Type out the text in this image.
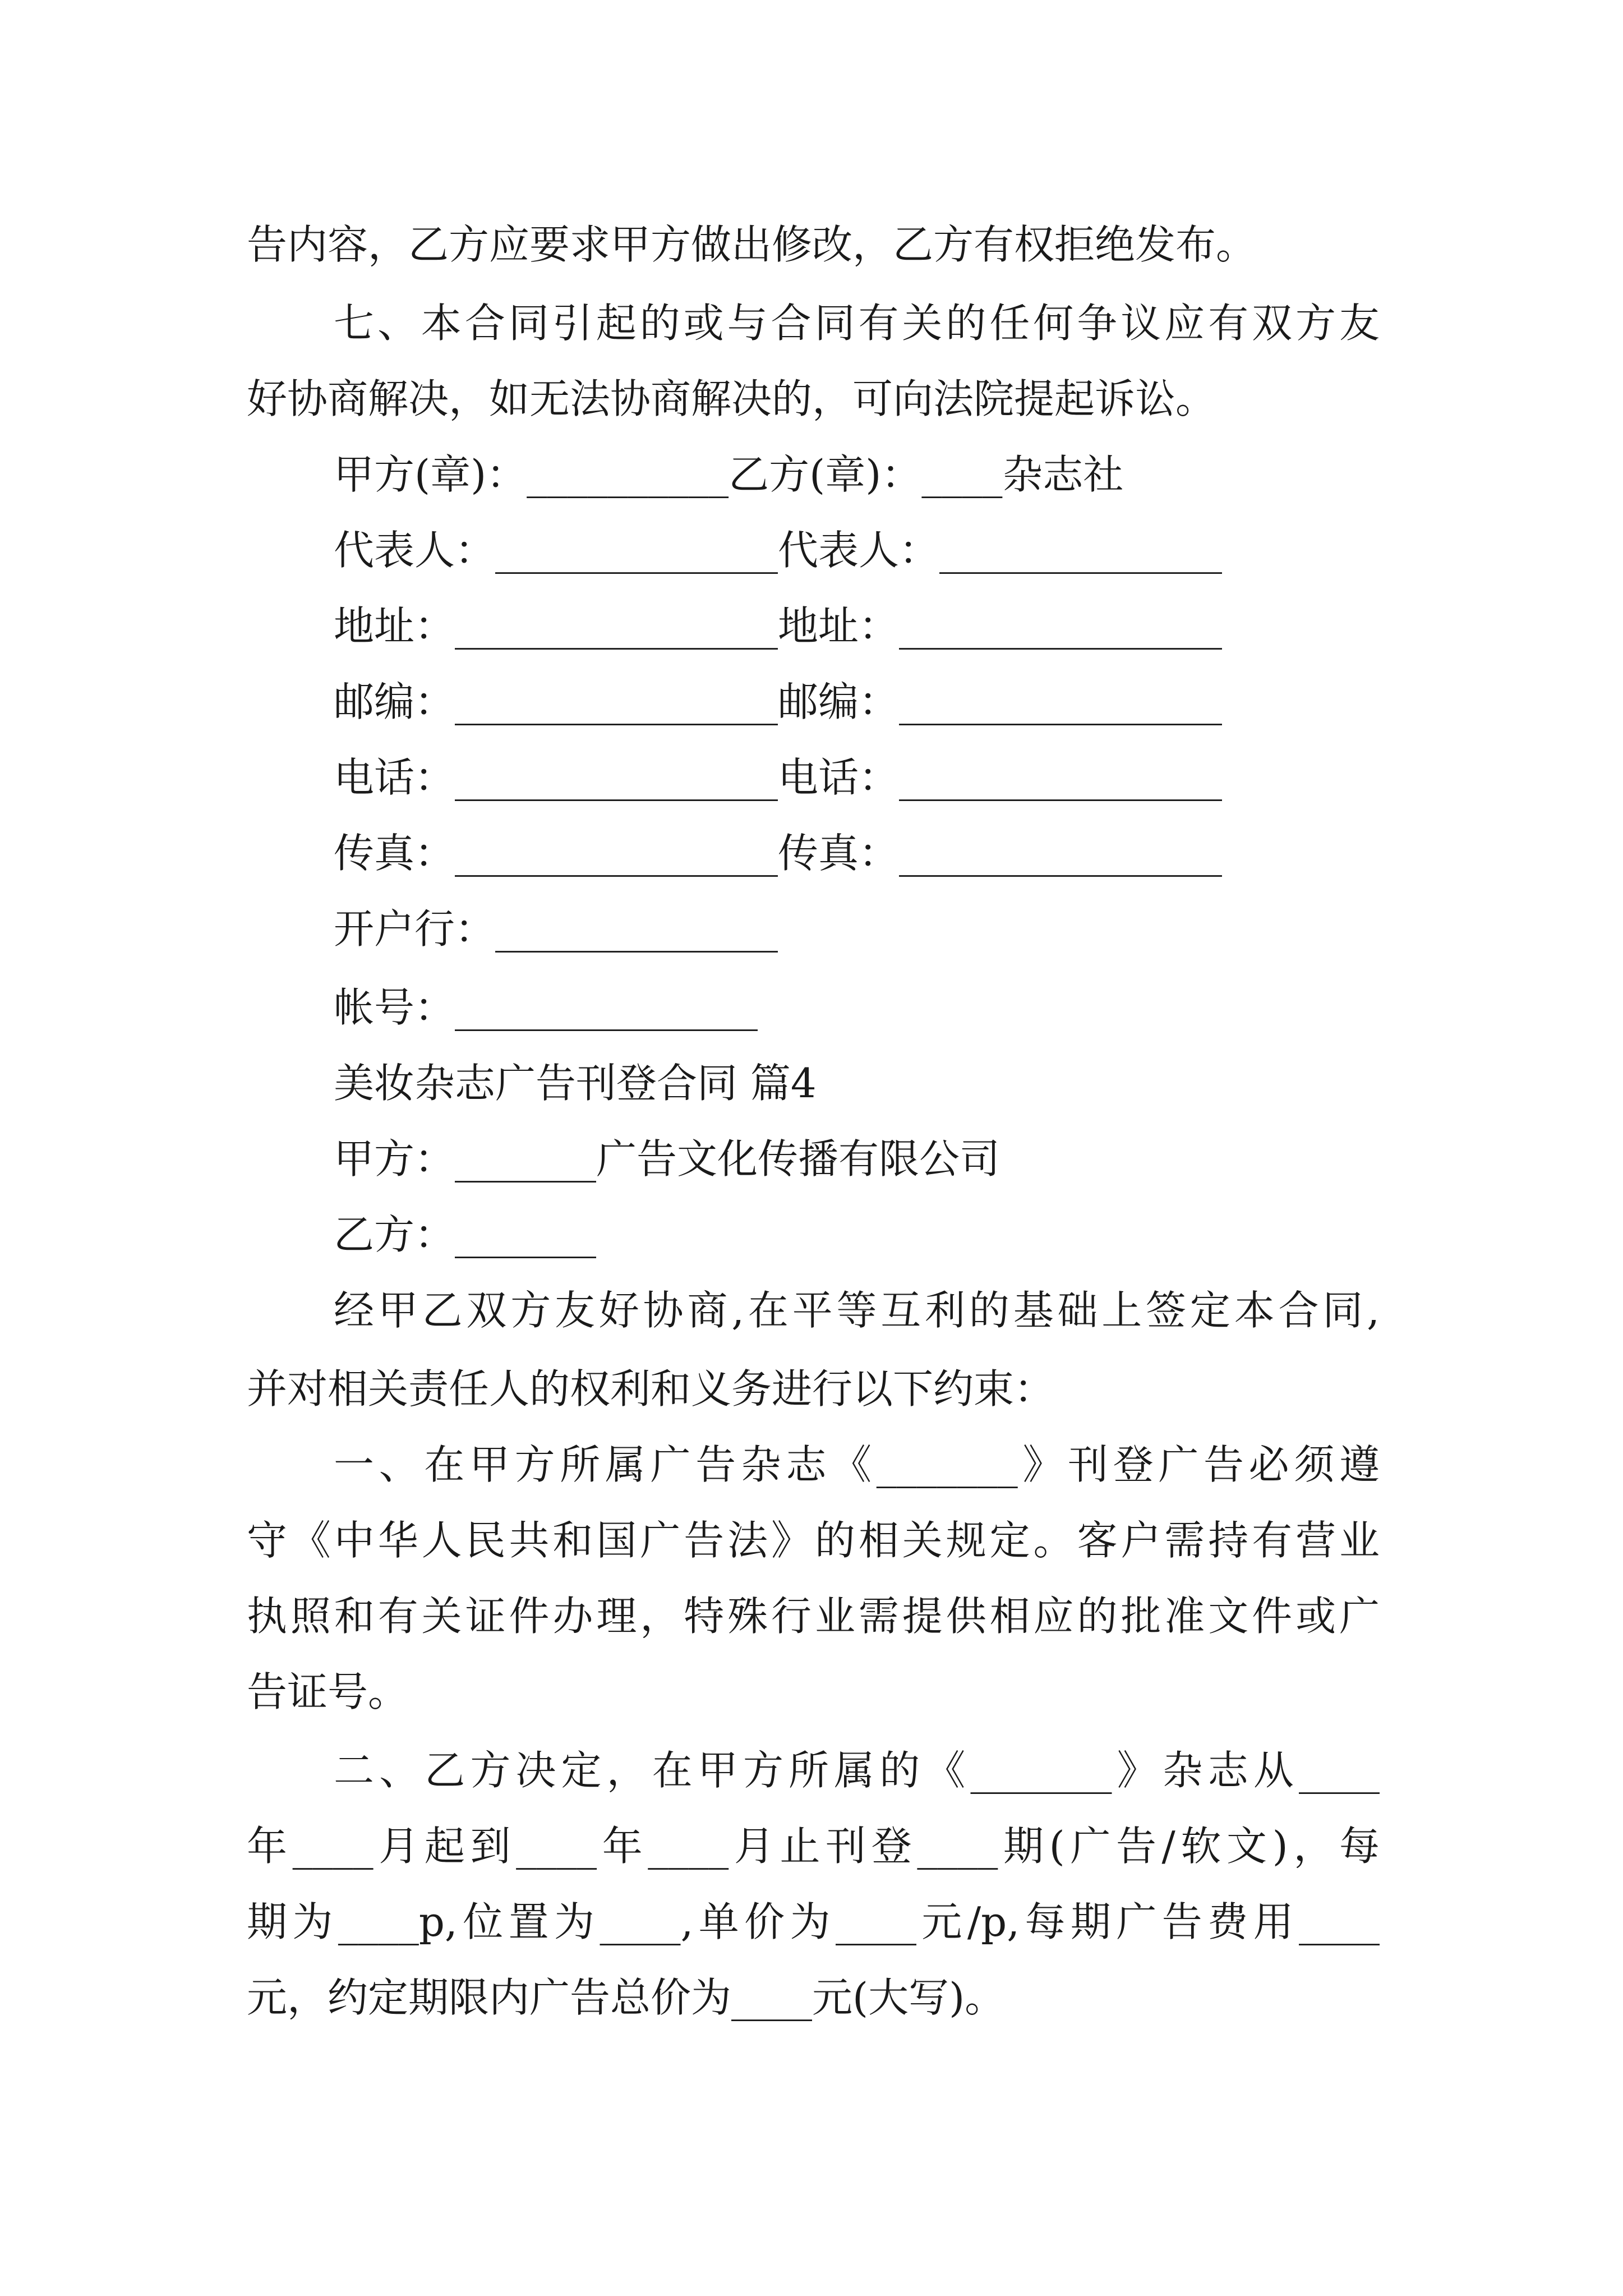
告内容，乙方应要求甲方做出修改，乙方有权拒绝发布。
七、本合同引起的或与合同有关的任何争议应有双方友
好协商解决，如无法协商解决的，可向法院提起诉讼。
甲方(章)：__________乙方(章)：____杂志社
代表人：______________代表人：______________
地址：________________地址：________________
邮编：________________邮编：________________
电话：________________电话：________________
传真：________________传真：________________
开户行：______________
帐号：_______________
美妆杂志广告刊登合同 篇4
甲方：_______广告文化传播有限公司
乙方：_______
经甲乙双方友好协商,在平等互利的基础上签定本合同,
并对相关责任人的权利和义务进行以下约束：
一、在甲方所属广告杂志《_______》刊登广告必须遵
守《中华人民共和国广告法》的相关规定。客户需持有营业
执照和有关证件办理，特殊行业需提供相应的批准文件或广
告证号。
二、乙方决定，在甲方所属的《_______》杂志从____
年____月起到____年____月止刊登____期(广告/软文)，每
期为____p,位置为____,单价为____元/p,每期广告费用____
元，约定期限内广告总价为____元(大写)。
